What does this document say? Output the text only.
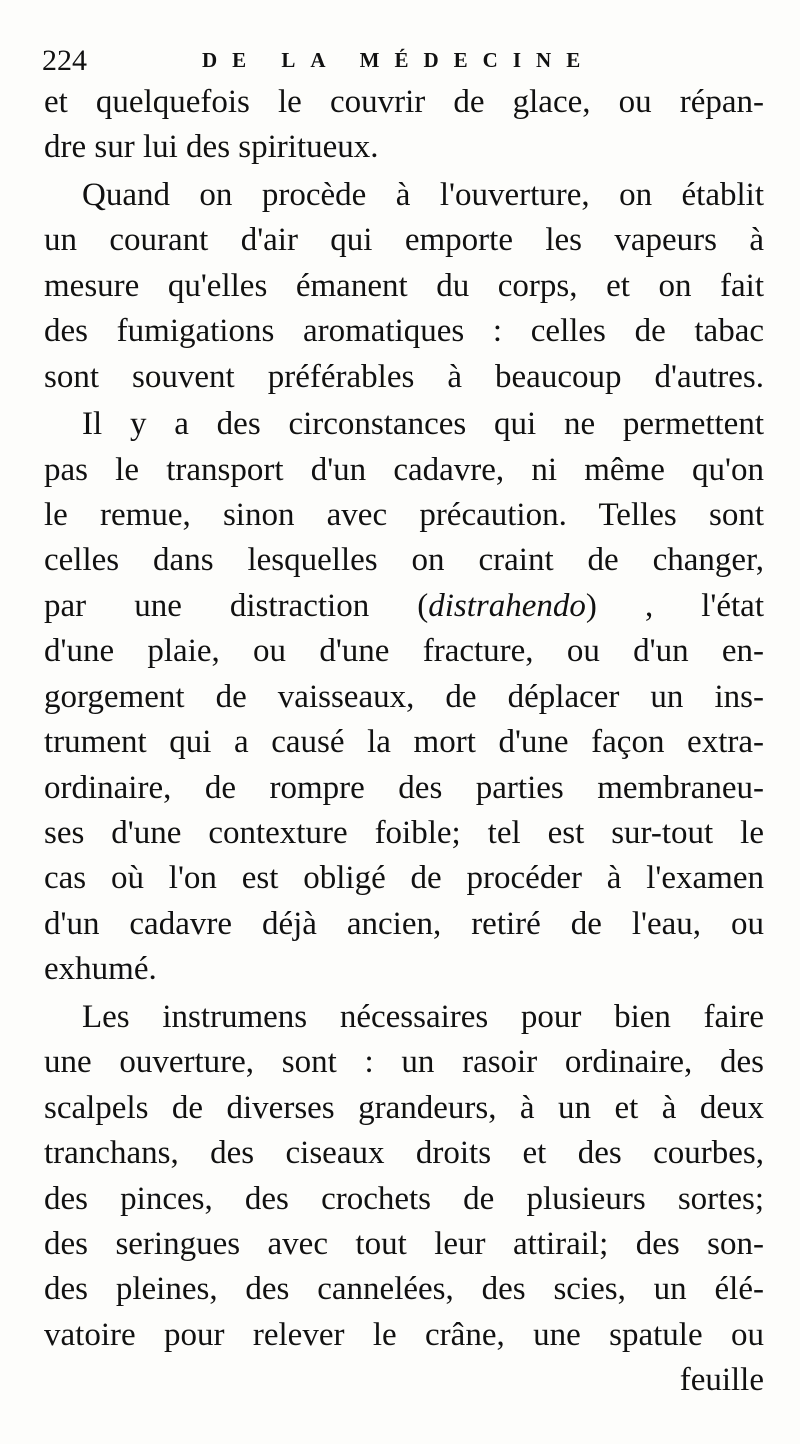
224	DE LA MÉDECINE
et quelquefois le couvrir de glace, ou répan-
dre sur lui des spiritueux.
Quand on procède à l'ouverture, on établit
un courant d'air qui emporte les vapeurs à
mesure qu'elles émanent du corps, et on fait
des fumigations aromatiques : celles de tabac
sont souvent préférables à beaucoup d'autres.
Il y a des circonstances qui ne permettent
pas le transport d'un cadavre, ni même qu'on
le remue, sinon avec précaution. Telles sont
celles dans lesquelles on craint de changer,
par une distraction (distrahendo) , l'état
d'une plaie, ou d'une fracture, ou d'un en-
gorgement de vaisseaux, de déplacer un ins-
trument qui a causé la mort d'une façon extra-
ordinaire, de rompre des parties membraneu-
ses d'une contexture foible; tel est sur-tout le
cas où l'on est obligé de procéder à l'examen
d'un cadavre déjà ancien, retiré de l'eau, ou
exhumé.
Les instrumens nécessaires pour bien faire
une ouverture, sont : un rasoir ordinaire, des
scalpels de diverses grandeurs, à un et à deux
tranchans, des ciseaux droits et des courbes,
des pinces, des crochets de plusieurs sortes;
des seringues avec tout leur attirail; des son-
des pleines, des cannelées, des scies, un élé-
vatoire pour relever le crâne, une spatule ou
feuille
